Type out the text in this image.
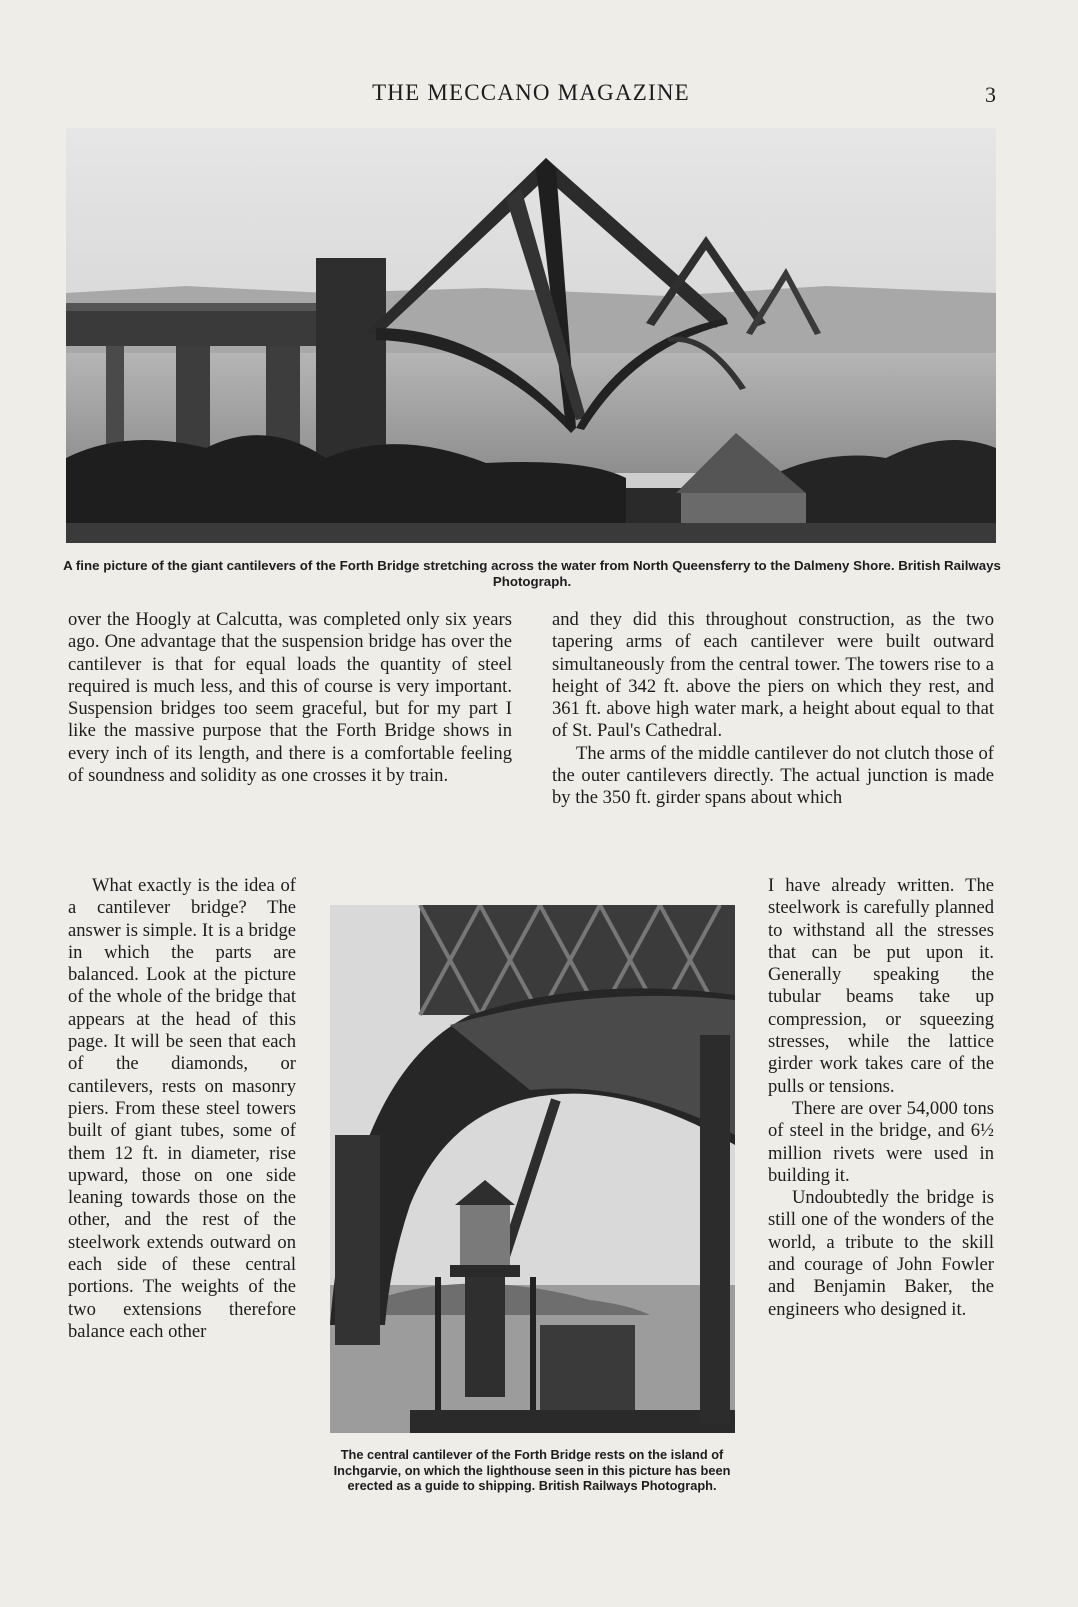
THE MECCANO MAGAZINE	3
A fine picture of the giant cantilevers of the Forth Bridge stretching across the water from North Queensferry to the Dalmeny Shore. British Railways Photograph.

over the Hoogly at Calcutta, was completed only six years ago. One advantage that the suspension bridge has over the cantilever is that for equal loads the quantity of steel required is much less, and this of course is very important. Suspension bridges too seem graceful, but for my part I like the massive purpose that the Forth Bridge shows in every inch of its length, and there is a comfortable feeling of soundness and solidity as one crosses it by train.

What exactly is the idea of a cantilever bridge? The answer is simple. It is a bridge in which the parts are balanced. Look at the picture of the whole of the bridge that appears at the head of this page. It will be seen that each of the diamonds, or cantilevers, rests on masonry piers. From these steel towers built of giant tubes, some of them 12 ft. in diameter, rise upward, those on one side leaning towards those on the other, and the rest of the steelwork extends outward on each side of these central portions. The weights of the two extensions therefore balance each other

and they did this throughout construction, as the two tapering arms of each cantilever were built outward simultaneously from the central tower. The towers rise to a height of 342 ft. above the piers on which they rest, and 361 ft. above high water mark, a height about equal to that of St. Paul's Cathedral.

The arms of the middle cantilever do not clutch those of the outer cantilevers directly. The actual junction is made by the 350 ft. girder spans about which

I have already written. The steelwork is carefully planned to withstand all the stresses that can be put upon it. Generally speaking the tubular beams take up compression, or squeezing stresses, while the lattice girder work takes care of the pulls or tensions.

There are over 54,000 tons of steel in the bridge, and 6½ million rivets were used in building it.

Undoubtedly the bridge is still one of the wonders of the world, a tribute to the skill and courage of John Fowler and Benjamin Baker, the engineers who designed it.

The central cantilever of the Forth Bridge rests on the island of Inchgarvie, on which the lighthouse seen in this picture has been erected as a guide to shipping. British Railways Photograph.
